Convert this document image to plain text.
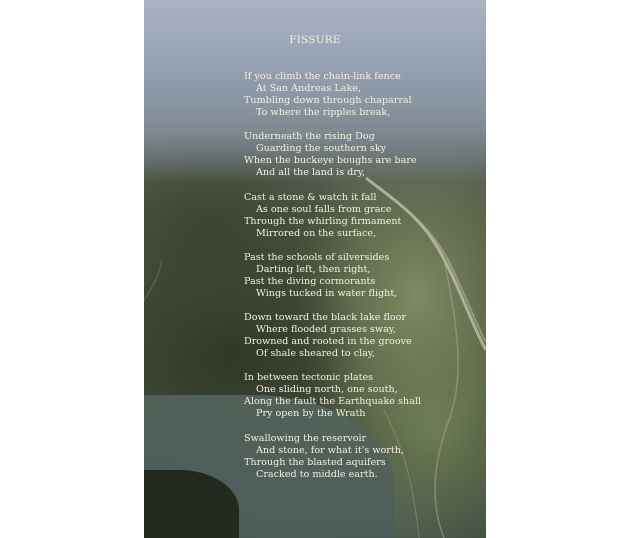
FISSURE
If you climb the chain-link fence
At San Andreas Lake,
Tumbling down through chaparral
To where the ripples break,
Underneath the rising Dog
Guarding the southern sky
When the buckeye boughs are bare
And all the land is dry,
Cast a stone & watch it fall
As one soul falls from grace
Through the whirling firmament
Mirrored on the surface,
Past the schools of silversides
Darting left, then right,
Past the diving cormorants
Wings tucked in water flight,
Down toward the black lake floor
Where flooded grasses sway,
Drowned and rooted in the groove
Of shale sheared to clay,
In between tectonic plates
One sliding north, one south,
Along the fault the Earthquake shall
Pry open by the Wrath
Swallowing the reservoir
And stone, for what it's worth,
Through the blasted aquifers
Cracked to middle earth.
